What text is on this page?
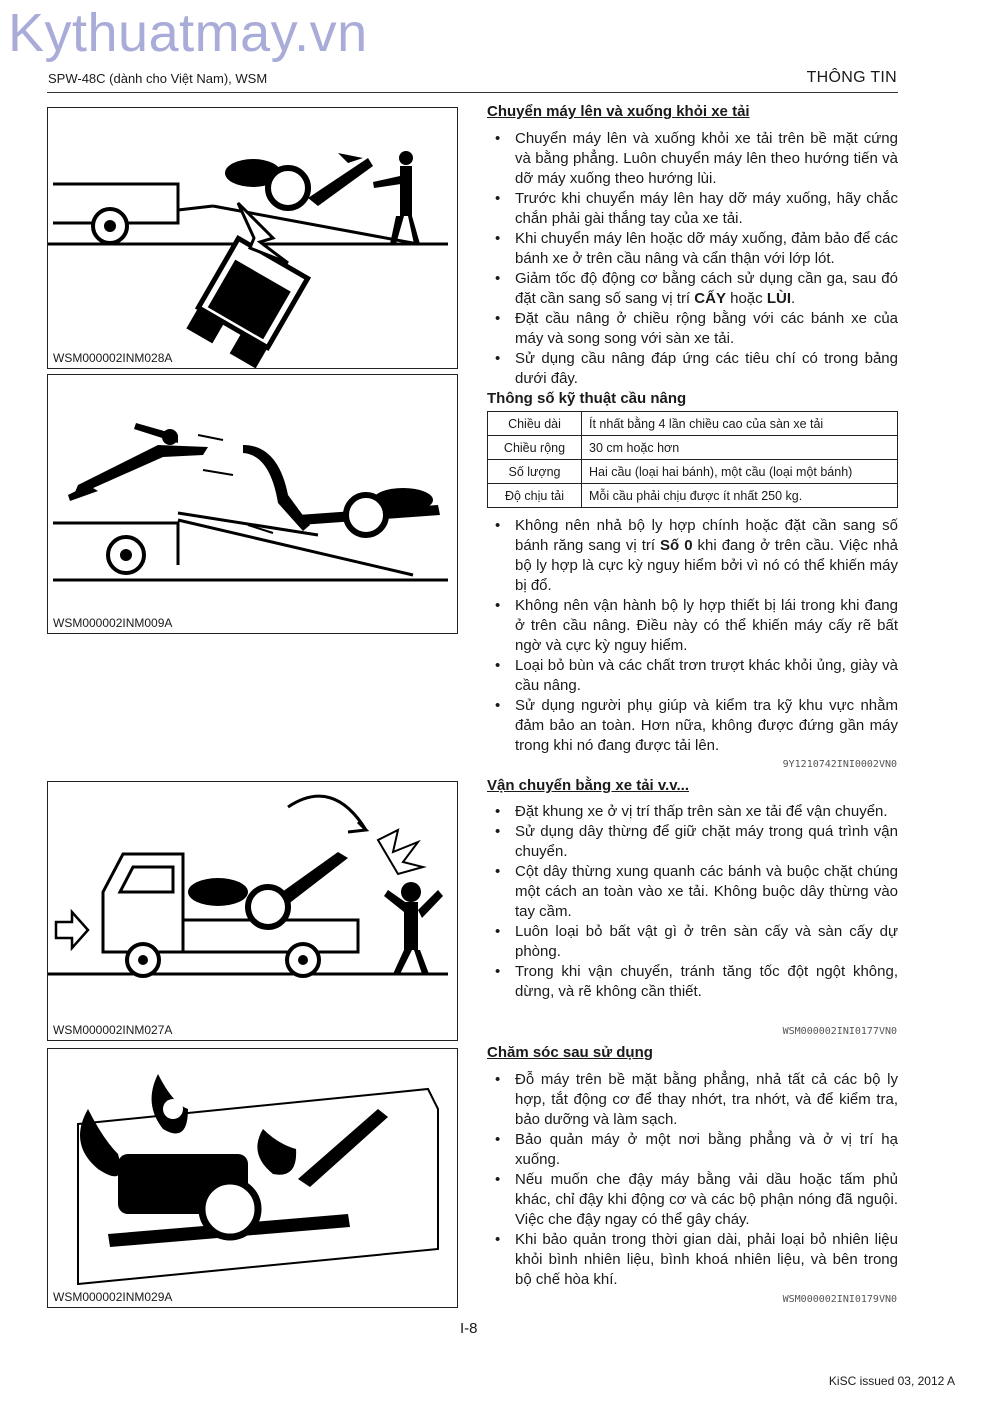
Kythuatmay.vn
SPW-48C (dành cho Việt Nam), WSM	THÔNG TIN
WSM000002INM028A
WSM000002INM009A
WSM000002INM027A
WSM000002INM029A
Chuyển máy lên và xuống khỏi xe tải
• Chuyển máy lên và xuống khỏi xe tải trên bề mặt cứng và bằng phẳng. Luôn chuyển máy lên theo hướng tiến và dỡ máy xuống theo hướng lùi.
• Trước khi chuyển máy lên hay dỡ máy xuống, hãy chắc chắn phải gài thắng tay của xe tải.
• Khi chuyển máy lên hoặc dỡ máy xuống, đảm bảo để các bánh xe ở trên cầu nâng và cẩn thận với lớp lót.
• Giảm tốc độ động cơ bằng cách sử dụng cần ga, sau đó đặt cần sang số sang vị trí CẤY hoặc LÙI.
• Đặt cầu nâng ở chiều rộng bằng với các bánh xe của máy và song song với sàn xe tải.
• Sử dụng cầu nâng đáp ứng các tiêu chí có trong bảng dưới đây.
Thông số kỹ thuật cầu nâng
Chiều dài	Ít nhất bằng 4 lần chiều cao của sàn xe tải
Chiều rộng	30 cm hoặc hơn
Số lượng	Hai cầu (loại hai bánh), một cầu (loại một bánh)
Độ chịu tải	Mỗi cầu phải chịu được ít nhất 250 kg.
• Không nên nhả bộ ly hợp chính hoặc đặt cần sang số bánh răng sang vị trí Số 0 khi đang ở trên cầu. Việc nhả bộ ly hợp là cực kỳ nguy hiểm bởi vì nó có thể khiến máy bị đổ.
• Không nên vận hành bộ ly hợp thiết bị lái trong khi đang ở trên cầu nâng. Điều này có thể khiến máy cấy rẽ bất ngờ và cực kỳ nguy hiểm.
• Loại bỏ bùn và các chất trơn trượt khác khỏi ủng, giày và cầu nâng.
• Sử dụng người phụ giúp và kiểm tra kỹ khu vực nhằm đảm bảo an toàn. Hơn nữa, không được đứng gần máy trong khi nó đang được tải lên.
9Y1210742INI0002VN0
Vận chuyển bằng xe tải v.v...
• Đặt khung xe ở vị trí thấp trên sàn xe tải để vận chuyển.
• Sử dụng dây thừng để giữ chặt máy trong quá trình vận chuyển.
• Cột dây thừng xung quanh các bánh và buộc chặt chúng một cách an toàn vào xe tải. Không buộc dây thừng vào tay cầm.
• Luôn loại bỏ bất vật gì ở trên sàn cấy và sàn cấy dự phòng.
• Trong khi vận chuyển, tránh tăng tốc đột ngột không, dừng, và rẽ không cần thiết.
WSM000002INI0177VN0
Chăm sóc sau sử dụng
• Đỗ máy trên bề mặt bằng phẳng, nhả tất cả các bộ ly hợp, tắt động cơ để thay nhớt, tra nhớt, và để kiểm tra, bảo dưỡng và làm sạch.
• Bảo quản máy ở một nơi bằng phẳng và ở vị trí hạ xuống.
• Nếu muốn che đậy máy bằng vải dầu hoặc tấm phủ khác, chỉ đậy khi động cơ và các bộ phận nóng đã nguội. Việc che đậy ngay có thể gây cháy.
• Khi bảo quản trong thời gian dài, phải loại bỏ nhiên liệu khỏi bình nhiên liệu, bình khoá nhiên liệu, và bên trong bộ chế hòa khí.
WSM000002INI0179VN0
I-8
KiSC issued 03, 2012 A
